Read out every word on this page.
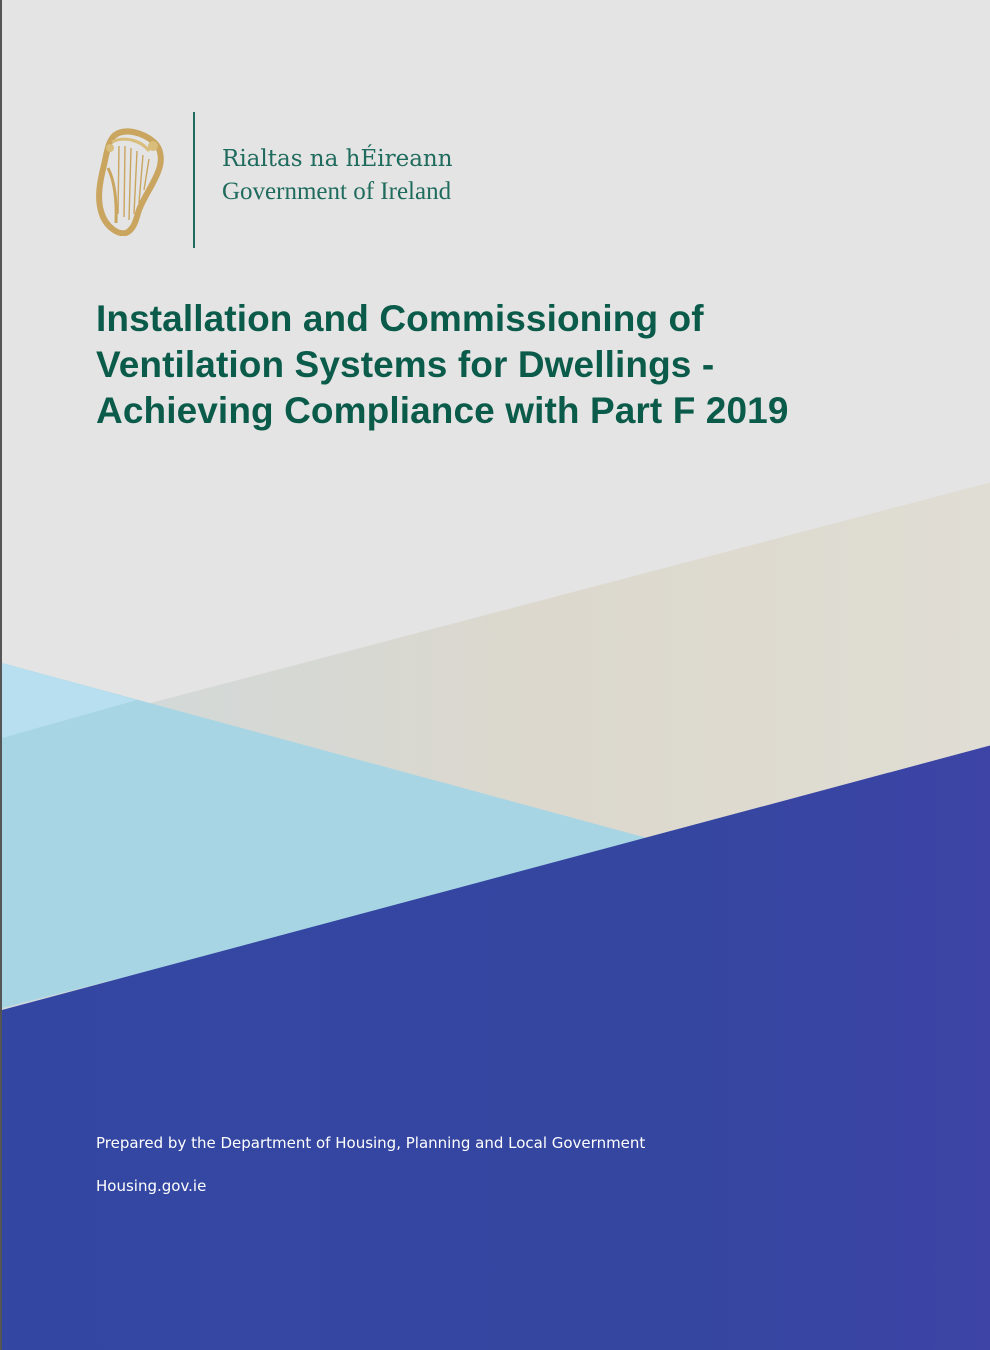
Rialtas na hÉireann
Government of Ireland
Installation and Commissioning of
Ventilation Systems for Dwellings -
Achieving Compliance with Part F 2019
Prepared by the Department of Housing, Planning and Local Government
Housing.gov.ie
